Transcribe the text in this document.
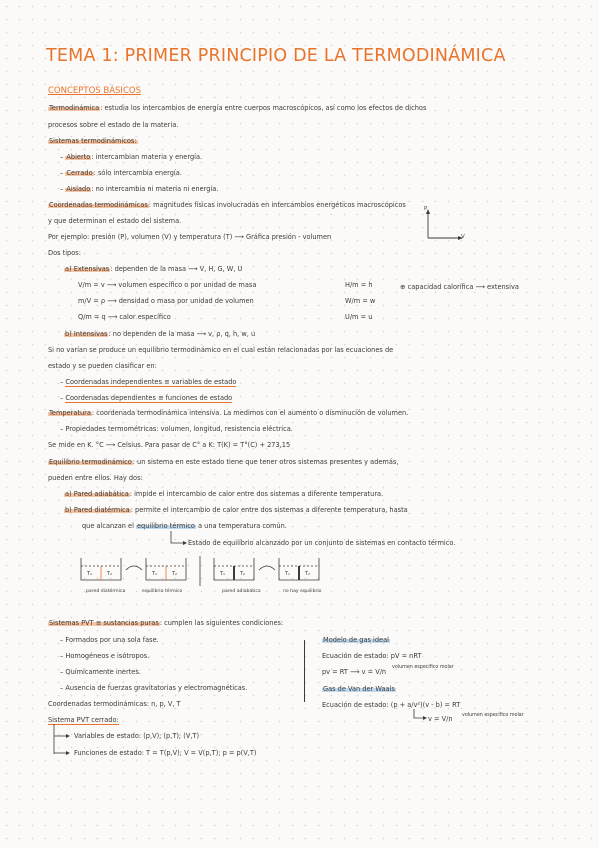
TEMA 1: PRIMER PRINCIPIO DE LA TERMODINÁMICA
CONCEPTOS BÁSICOS
Termodinámica: estudia los intercambios de energía entre cuerpos macroscópicos, así como los efectos de dichos
procesos sobre el estado de la materia.
Sistemas termodinámicos:
– Abierto: intercambian materia y energía.
– Cerrado: sólo intercambia energía.
– Aislado: no intercambia ni materia ni energía.
Coordenadas termodinámicas: magnitudes físicas involucradas en intercambios energéticos macroscópicos
y que determinan el estado del sistema.
Por ejemplo: presión (P), volumen (V) y temperatura (T) ⟶ Gráfica presión - volumen
P
V
Dos tipos:
a) Extensivas: dependen de la masa ⟶ V, H, G, W, U
V/m = v ⟶ volumen específico o por unidad de masa	H/m = h	⊕ capacidad calorífica ⟶ extensiva
m/V = ρ ⟶ densidad o masa por unidad de volumen	W/m = w
Q/m = q ⟶ calor específico	U/m = u
b) Intensivas: no dependen de la masa ⟶ v, ρ, q, h, w, u
Si no varían se produce un equilibrio termodinámico en el cual están relacionadas por las ecuaciones de
estado y se pueden clasificar en:
– Coordenadas independientes ≡ variables de estado
– Coordenadas dependientes ≡ funciones de estado
Temperatura: coordenada termodinámica intensiva. La medimos con el aumento o disminución de volumen.
– Propiedades termométricas: volumen, longitud, resistencia eléctrica.
Se mide en K. °C ⟶ Celsius. Para pasar de C° a K: T(K) = T°(C) + 273,15
Equilibrio termodinámico: un sistema en este estado tiene que tener otros sistemas presentes y además,
pueden entre ellos. Hay dos:
a) Pared adiabática: impide el intercambio de calor entre dos sistemas a diferente temperatura.
b) Pared diatérmica: permite el intercambio de calor entre dos sistemas a diferente temperatura, hasta
que alcanzan el equilibrio térmico a una temperatura común.
Estado de equilibrio alcanzado por un conjunto de sistemas en contacto térmico.
T₁	T₂	T₁	T₂	T₁	T₂	T₁	T₂
pared diatérmica	equilibrio térmico	pared adiabática	no hay equilibrio
Sistemas PVT ≡ sustancias puras: cumplen las siguientes condiciones:
– Formados por una sola fase.
– Homogéneos e isótropos.
– Químicamente inertes.
– Ausencia de fuerzas gravitatorias y electromagnéticas.
Coordenadas termodinámicas: n, p, V, T
Sistema PVT cerrado:
Variables de estado: (p,V); (p,T); (V,T)
Funciones de estado: T = T(p,V); V = V(p,T); p = p(V,T)
Modelo de gas ideal
Ecuación de estado: pV = nRT
pv = RT ⟶ v = V/n
volumen específico molar
Gas de Van der Waals
Ecuación de estado: (p + a/v²)(v - b) = RT
v = V/n volumen específico molar
